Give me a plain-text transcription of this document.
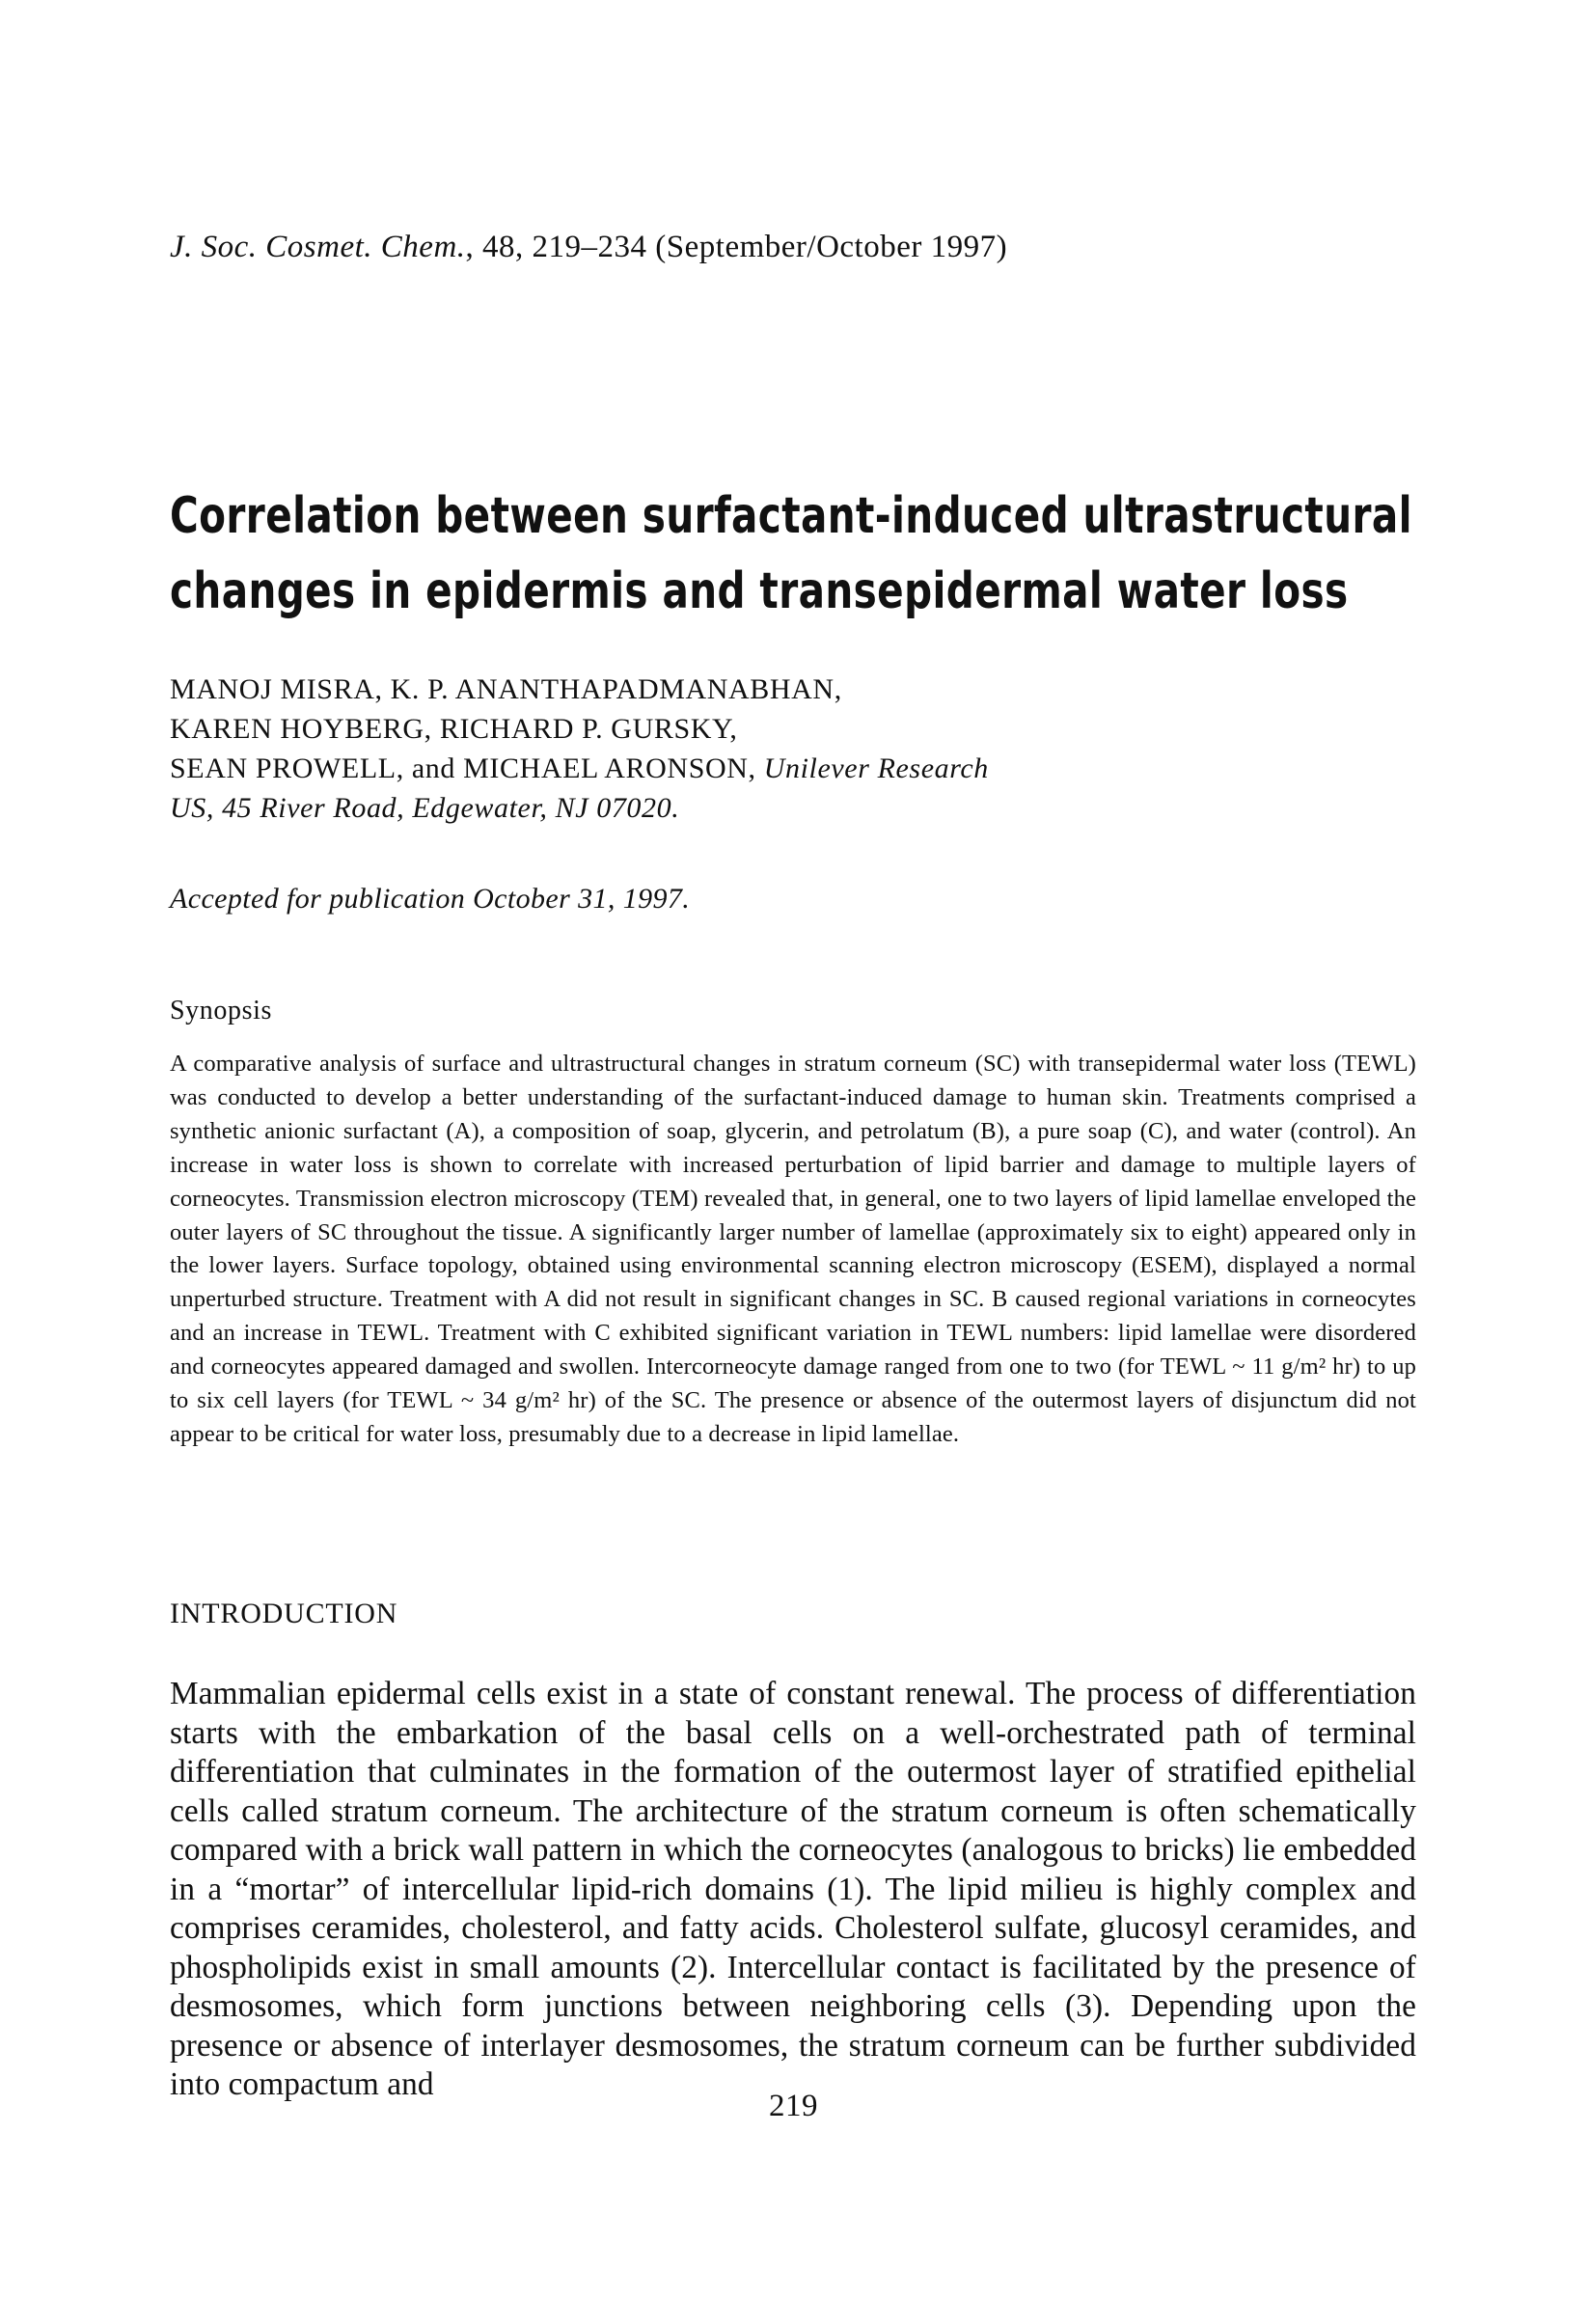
J. Soc. Cosmet. Chem., 48, 219–234 (September/October 1997)
Correlation between surfactant-induced ultrastructural
changes in epidermis and transepidermal water loss
MANOJ MISRA, K. P. ANANTHAPADMANABHAN,
KAREN HOYBERG, RICHARD P. GURSKY,
SEAN PROWELL, and MICHAEL ARONSON, Unilever Research
US, 45 River Road, Edgewater, NJ 07020.
Accepted for publication October 31, 1997.
Synopsis
A comparative analysis of surface and ultrastructural changes in stratum corneum (SC) with transepidermal water loss (TEWL) was conducted to develop a better understanding of the surfactant-induced damage to human skin. Treatments comprised a synthetic anionic surfactant (A), a composition of soap, glycerin, and petrolatum (B), a pure soap (C), and water (control). An increase in water loss is shown to correlate with increased perturbation of lipid barrier and damage to multiple layers of corneocytes. Transmission electron microscopy (TEM) revealed that, in general, one to two layers of lipid lamellae enveloped the outer layers of SC throughout the tissue. A significantly larger number of lamellae (approximately six to eight) appeared only in the lower layers. Surface topology, obtained using environmental scanning electron microscopy (ESEM), displayed a normal unperturbed structure. Treatment with A did not result in significant changes in SC. B caused regional variations in corneocytes and an increase in TEWL. Treatment with C exhibited significant variation in TEWL numbers: lipid lamellae were disordered and corneocytes appeared damaged and swollen. Intercorneocyte damage ranged from one to two (for TEWL ~ 11 g/m² hr) to up to six cell layers (for TEWL ~ 34 g/m² hr) of the SC. The presence or absence of the outermost layers of disjunctum did not appear to be critical for water loss, presumably due to a decrease in lipid lamellae.
INTRODUCTION
Mammalian epidermal cells exist in a state of constant renewal. The process of differentiation starts with the embarkation of the basal cells on a well-orchestrated path of terminal differentiation that culminates in the formation of the outermost layer of stratified epithelial cells called stratum corneum. The architecture of the stratum corneum is often schematically compared with a brick wall pattern in which the corneocytes (analogous to bricks) lie embedded in a “mortar” of intercellular lipid-rich domains (1). The lipid milieu is highly complex and comprises ceramides, cholesterol, and fatty acids. Cholesterol sulfate, glucosyl ceramides, and phospholipids exist in small amounts (2). Intercellular contact is facilitated by the presence of desmosomes, which form junctions between neighboring cells (3). Depending upon the presence or absence of interlayer desmosomes, the stratum corneum can be further subdivided into compactum and
219
